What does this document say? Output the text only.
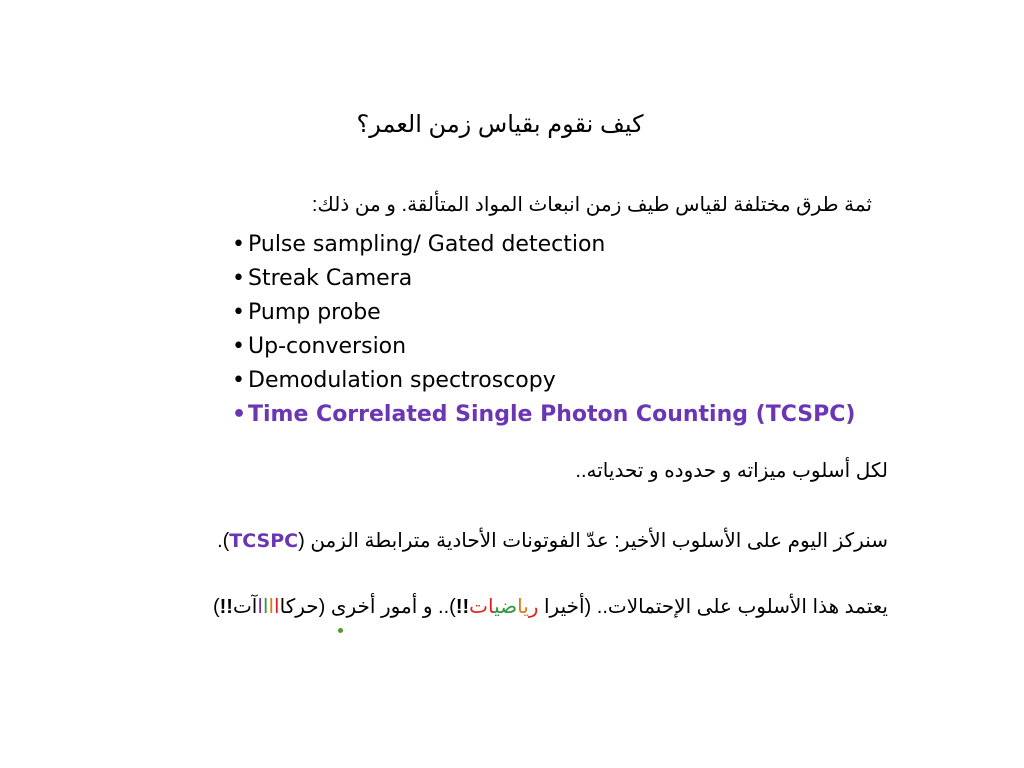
كيف نقوم بقياس زمن العمر؟
ثمة طرق مختلفة لقياس طيف زمن انبعاث المواد المتألقة. و من ذلك:
• Pulse sampling/ Gated detection
• Streak Camera
• Pump probe
• Up-conversion
• Demodulation spectroscopy
•Time Correlated Single Photon Counting (TCSPC)
لكل أسلوب ميزاته و حدوده و تحدياته..
سنركز اليوم على الأسلوب الأخير: عدّ الفوتونات الأحادية مترابطة الزمن (TCSPC).
يعتمد هذا الأسلوب على الإحتمالات.. (أخيرا رياضيات!!).. و أمور أخرى (حركاااااآت!!)
